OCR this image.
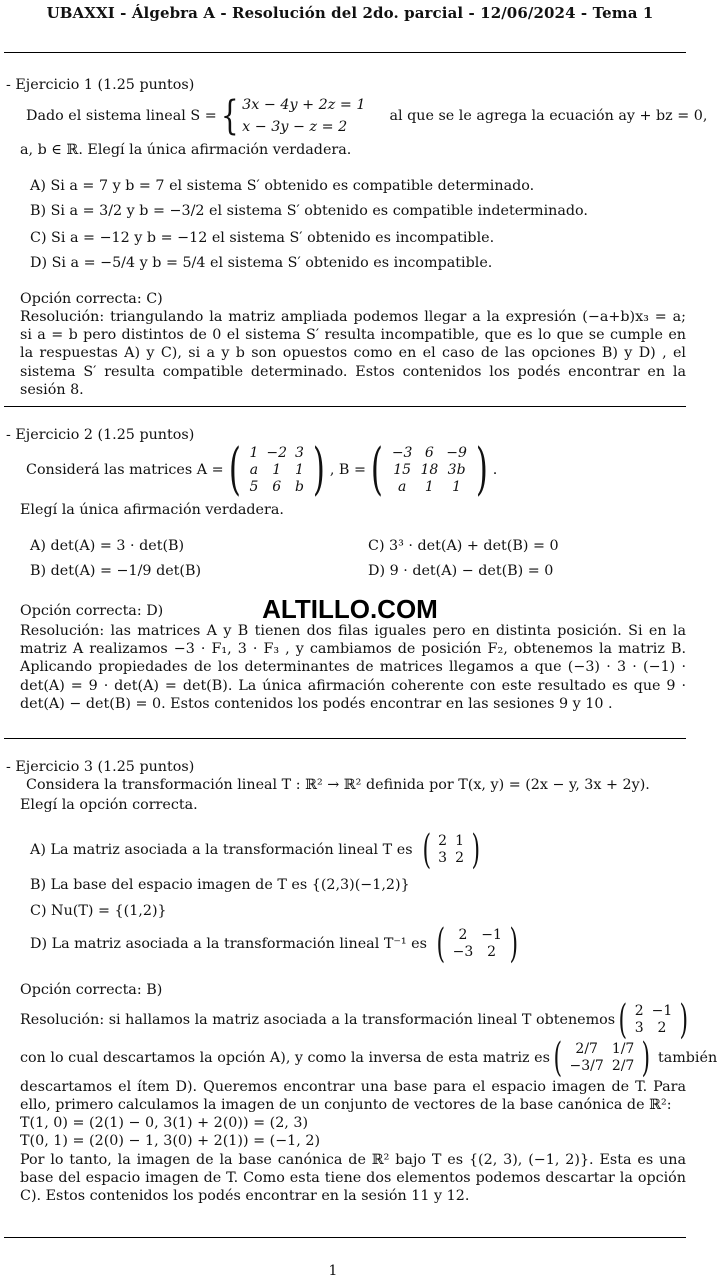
UBAXXI - Álgebra A - Resolución del 2do. parcial - 12/06/2024 - Tema 1
- Ejercicio 1 (1.25 puntos)
Dado el sistema lineal S = { 3x − 4y + 2z = 1
x − 3y − z = 2
al que se le agrega la ecuación ay + bz = 0,
a, b ∈ ℝ. Elegí la única afirmación verdadera.
A) Si a = 7 y b = 7 el sistema S′ obtenido es compatible determinado.
B) Si a = 3/2 y b = −3/2 el sistema S′ obtenido es compatible indeterminado.
C) Si a = −12 y b = −12 el sistema S′ obtenido es incompatible.
D) Si a = −5/4 y b = 5/4 el sistema S′ obtenido es incompatible.
Opción correcta: C)
Resolución: triangulando la matriz ampliada podemos llegar a la expresión (−a+b)x₃ = a; si a = b pero distintos de 0 el sistema S′ resulta incompatible, que es lo que se cumple en la respuestas A) y C), si a y b son opuestos como en el caso de las opciones B) y D) , el sistema S′ resulta compatible determinado. Estos contenidos los podés encontrar en la sesión 8.
- Ejercicio 2 (1.25 puntos)
Considerá las matrices A = ( 1	−2	3
a	1	1
5	6	b ) , B = ( −3	6	−9
15	18	3b
a	1	1 ) .
Elegí la única afirmación verdadera.
A) det(A) = 3 · det(B)	C) 3³ · det(A) + det(B) = 0
B) det(A) = −1/9 det(B)	D) 9 · det(A) − det(B) = 0
Opción correcta: D)
Resolución: las matrices A y B tienen dos filas iguales pero en distinta posición. Si en la matriz A realizamos −3 · F₁, 3 · F₃ , y cambiamos de posición F₂, obtenemos la matriz B. Aplicando propiedades de los determinantes de matrices llegamos a que (−3) · 3 · (−1) · det(A) = 9 · det(A) = det(B). La única afirmación coherente con este resultado es que 9 · det(A) − det(B) = 0. Estos contenidos los podés encontrar en las sesiones 9 y 10 .
- Ejercicio 3 (1.25 puntos)
Considera la transformación lineal T : ℝ² → ℝ² definida por T(x, y) = (2x − y, 3x + 2y).
Elegí la opción correcta.
A) La matriz asociada a la transformación lineal T es ( 2	1
3	2 )
B) La base del espacio imagen de T es {(2,3)(−1,2)}
C) Nu(T) = {(1,2)}
D) La matriz asociada a la transformación lineal T⁻¹ es ( 2	−1
−3	2 )
Opción correcta: B)
Resolución: si hallamos la matriz asociada a la transformación lineal T obtenemos ( 2	−1
3	2 )
con lo cual descartamos la opción A), y como la inversa de esta matriz es ( 2/7	1/7
−3/7	2/7 ) también
descartamos el ítem D). Queremos encontrar una base para el espacio imagen de T. Para ello, primero calculamos la imagen de un conjunto de vectores de la base canónica de ℝ²:
T(1, 0) = (2(1) − 0, 3(1) + 2(0)) = (2, 3)
T(0, 1) = (2(0) − 1, 3(0) + 2(1)) = (−1, 2)
Por lo tanto, la imagen de la base canónica de ℝ² bajo T es {(2, 3), (−1, 2)}. Esta es una base del espacio imagen de T. Como esta tiene dos elementos podemos descartar la opción C). Estos contenidos los podés encontrar en la sesión 11 y 12.
ALTILLO.COM
1
